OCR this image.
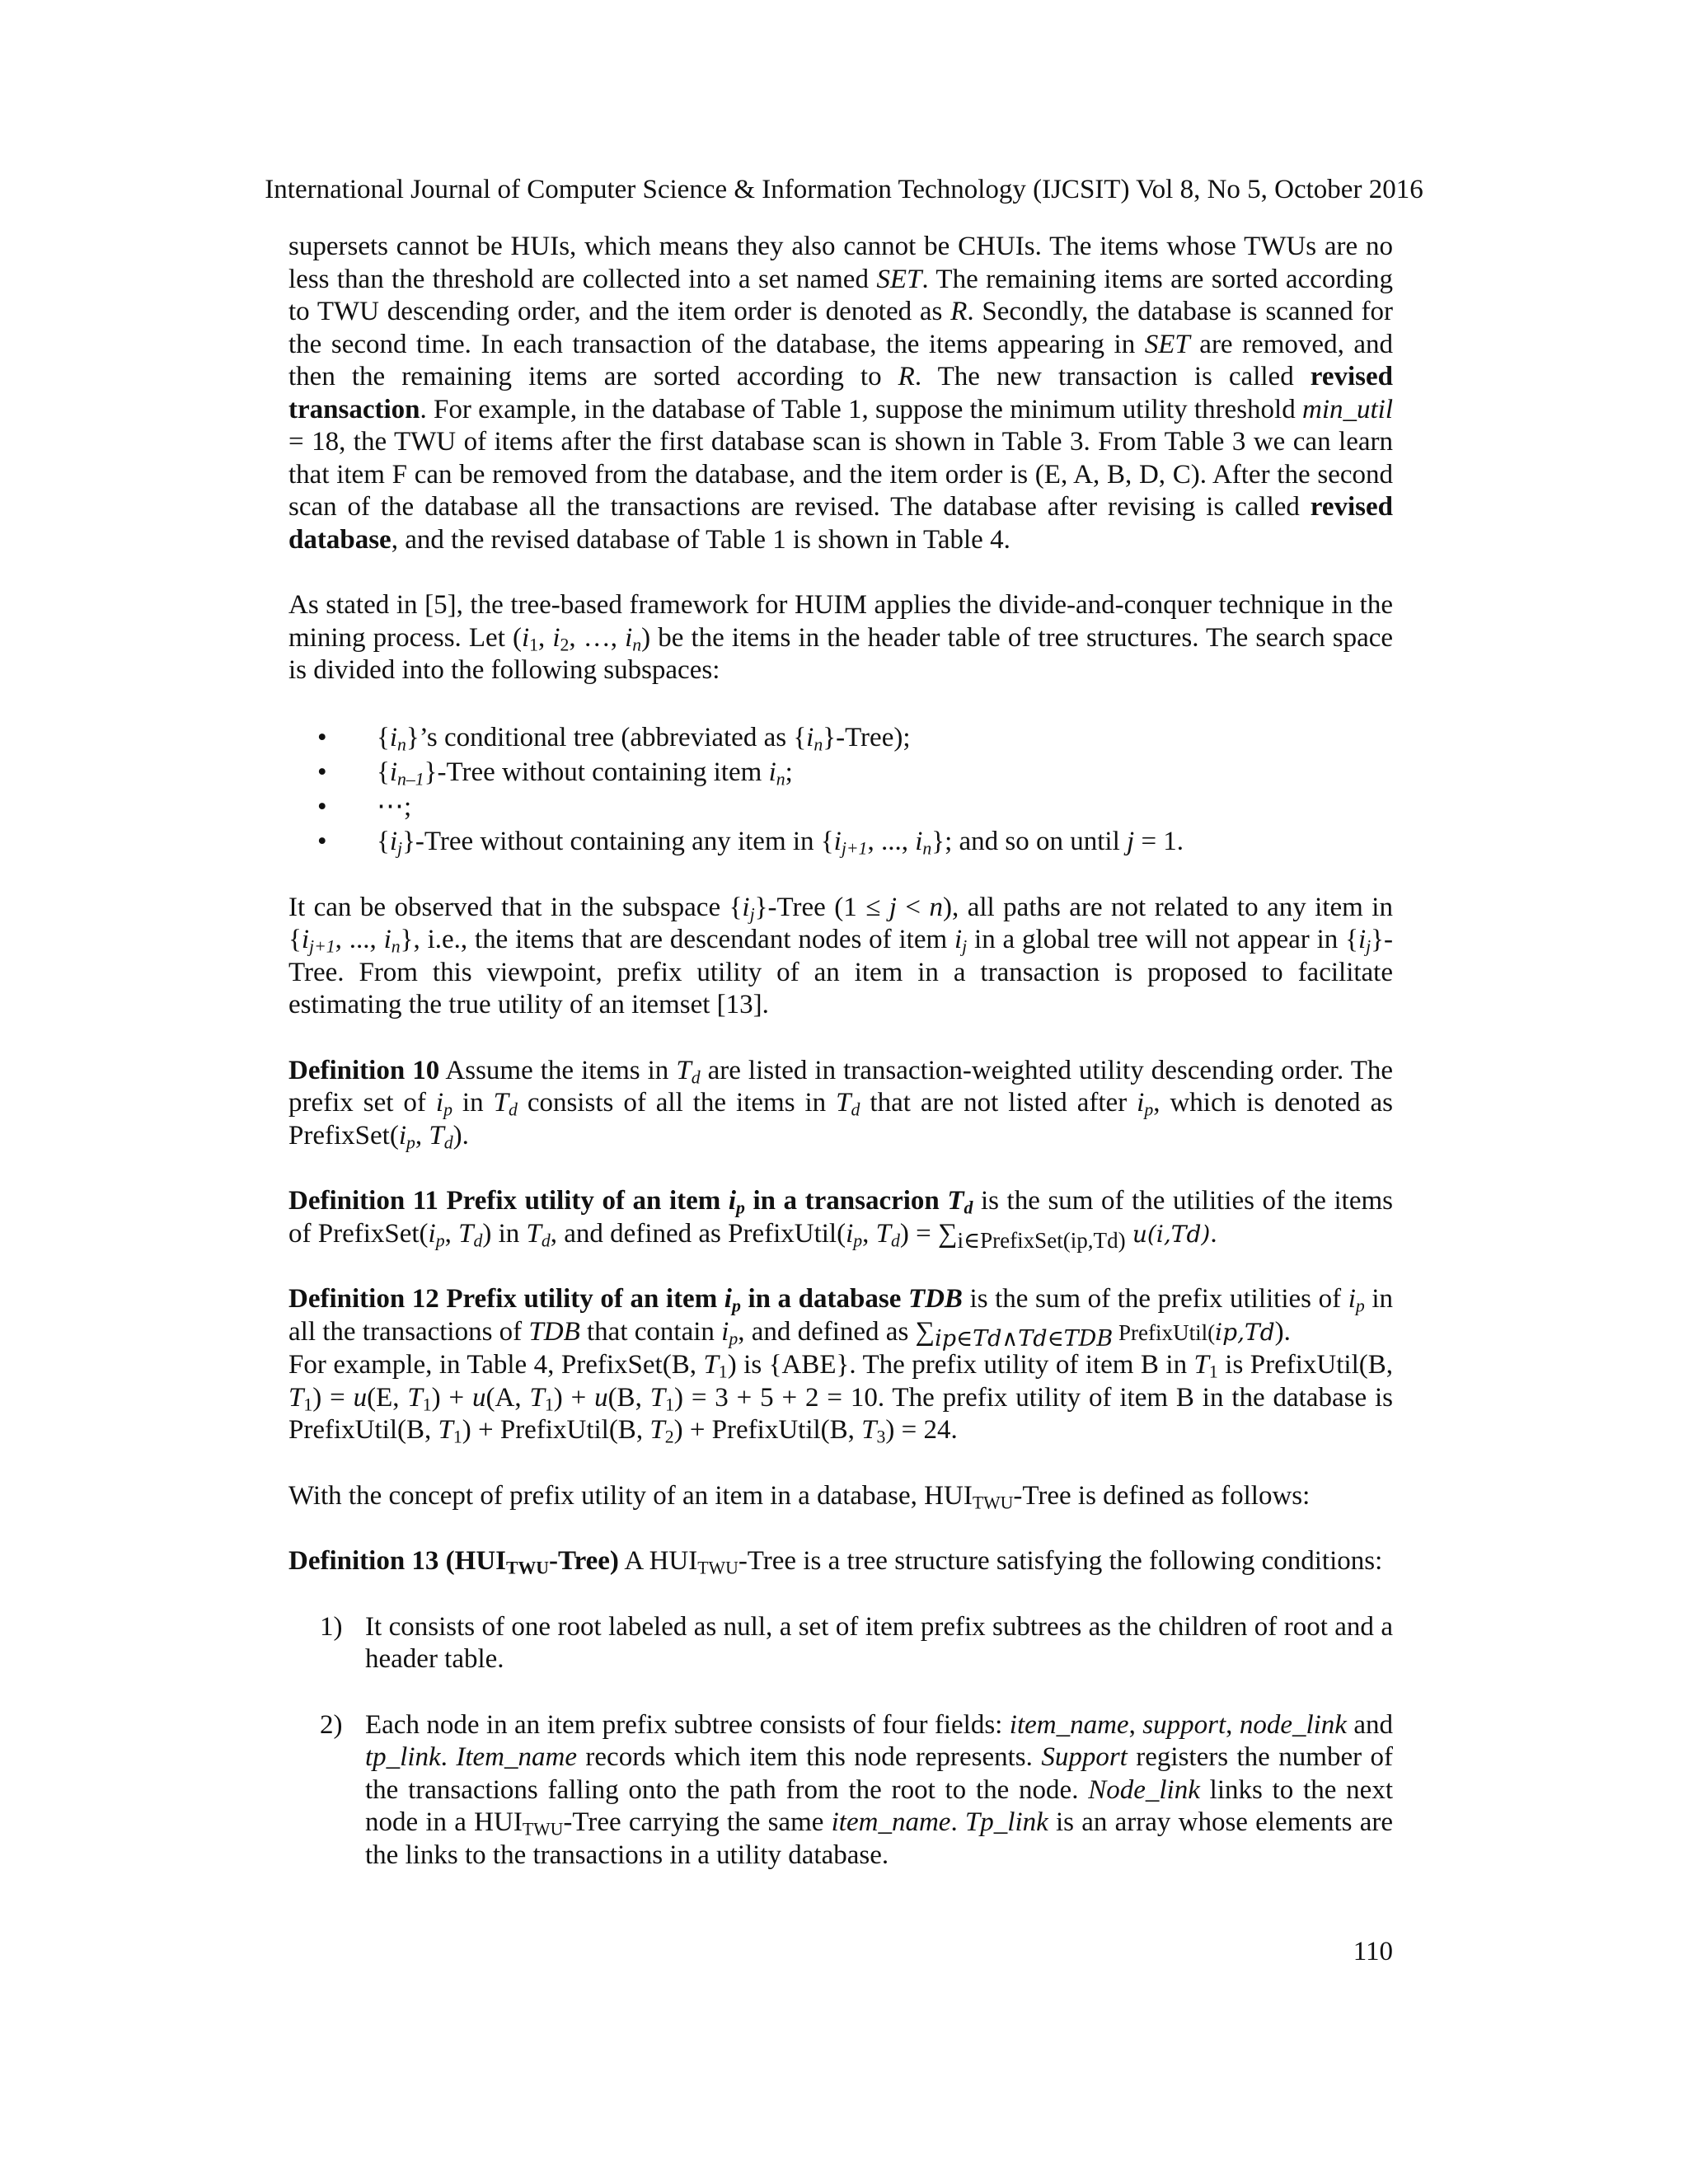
International Journal of Computer Science & Information Technology (IJCSIT) Vol 8, No 5, October 2016

supersets cannot be HUIs, which means they also cannot be CHUIs. The items whose TWUs are no less than the threshold are collected into a set named SET. The remaining items are sorted according to TWU descending order, and the item order is denoted as R. Secondly, the database is scanned for the second time. In each transaction of the database, the items appearing in SET are removed, and then the remaining items are sorted according to R. The new transaction is called revised transaction. For example, in the database of Table 1, suppose the minimum utility threshold min_util = 18, the TWU of items after the first database scan is shown in Table 3. From Table 3 we can learn that item F can be removed from the database, and the item order is (E, A, B, D, C). After the second scan of the database all the transactions are revised. The database after revising is called revised database, and the revised database of Table 1 is shown in Table 4.

As stated in [5], the tree-based framework for HUIM applies the divide-and-conquer technique in the mining process. Let ($i_1$, $i_2$, …, $i_n$) be the items in the header table of tree structures. The search space is divided into the following subspaces:

• $\{i_n\}’s$ conditional tree (abbreviated as $\{i_n\}-Tree$);
• $\{i_{n-1}\}$-Tree without containing item $i_n$;
• ⋯;
• $\{i_j\}$-Tree without containing any item in {$i_{j+1}$, ..., $i_n$}; and so on until j = 1.

It can be observed that in the subspace $\{i_j\}$-Tree (1 ≤ j < n), all paths are not related to any item in {$i_{j+1}$, ..., $i_n$}, i.e., the items that are descendant nodes of item $i_j$ in a global tree will not appear in $\{i_j\}$-Tree. From this viewpoint, prefix utility of an item in a transaction is proposed to facilitate estimating the true utility of an itemset [13].

Definition 10 Assume the items in $T_d$ are listed in transaction-weighted utility descending order. The prefix set of $i_p$ in $T_d$ consists of all the items in $T_d$ that are not listed after $i_p$, which is denoted as $PrefixSet(i_p$, $T_d$).

Definition 11 Prefix utility of an item $i_p$ in a transacrion $T_d$ is the sum of the utilities of the items of $PrefixSet(i_p$, $T_d$) in $T_d$, and defined as $PrefixUtil(i_p$, $T_d) = \sum_{i\in PrefixSet(ip,Td)}$ u(i,Td).

Definition 12 Prefix utility of an item $i_p$ in a database TDB is the sum of the prefix utilities of $i_p$ in all the transactions of TDB that contain $i_p$, and defined as $\sum_{ip\in Td\wedge Td\in TDB}$ PrefixUtil(ip,Td).

For example, in Table 4, PrefixSet(B, $T_1$) is {ABE}. The prefix utility of item B in $T_1$ is PrefixUtil(B, $T_1) = u(E$, $T_1) + u(A$, $T_1) + u(B$, $T_1) = 3 + 5 + 2 = 10$. The prefix utility of item B in the database is PrefixUtil(B, $T_1$) + PrefixUtil(B, $T_2$) + PrefixUtil(B, $T_3) = 24$.

With the concept of prefix utility of an item in a database, $HUI_{TWU}$-Tree is defined as follows:

Definition 13 $(HUI_{TWU}-Tree)$ A $HUI_{TWU}$-Tree is a tree structure satisfying the following conditions:

1) It consists of one root labeled as null, a set of item prefix subtrees as the children of root and a header table.
2) Each node in an item prefix subtree consists of four fields: item_name, support, node_link and tp_link. Item_name records which item this node represents. Support registers the number of the transactions falling onto the path from the root to the node. Node_link links to the next node in a $HUI_{TWU}$-Tree carrying the same item_name. Tp_link is an array whose elements are the links to the transactions in a utility database.
110
